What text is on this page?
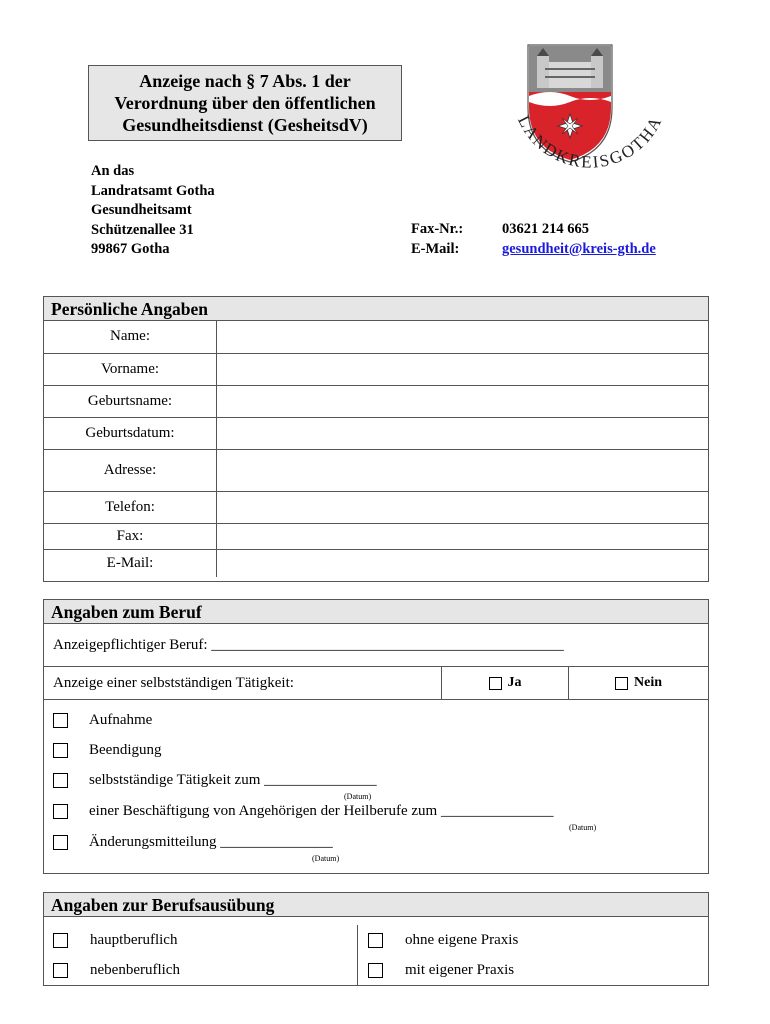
Anzeige nach § 7 Abs. 1 der
Verordnung über den öffentlichen
Gesundheitsdienst (GesheitsdV)	LANDKREISGOTHA
An das
Landratsamt Gotha
Gesundheitsamt
Schützenallee 31
99867 Gotha
Fax-Nr.:	03621 214 665
E-Mail:	gesundheit@kreis-gth.de
Persönliche Angaben
Name:	
Vorname:	
Geburtsname:	
Geburtsdatum:	
Adresse:	
Telefon:	
Fax:	
E-Mail:	
Angaben zum Beruf
Anzeigepflichtiger Beruf: _______________________________________________
Anzeige einer selbstständigen Tätigkeit:	Ja	Nein
Aufnahme
Beendigung
selbstständige Tätigkeit zum _______________
(Datum)
einer Beschäftigung von Angehörigen der Heilberufe zum _______________
(Datum)
Änderungsmitteilung _______________
(Datum)
Angaben zur Berufsausübung
hauptberuflich	ohne eigene Praxis
nebenberuflich	mit eigener Praxis
